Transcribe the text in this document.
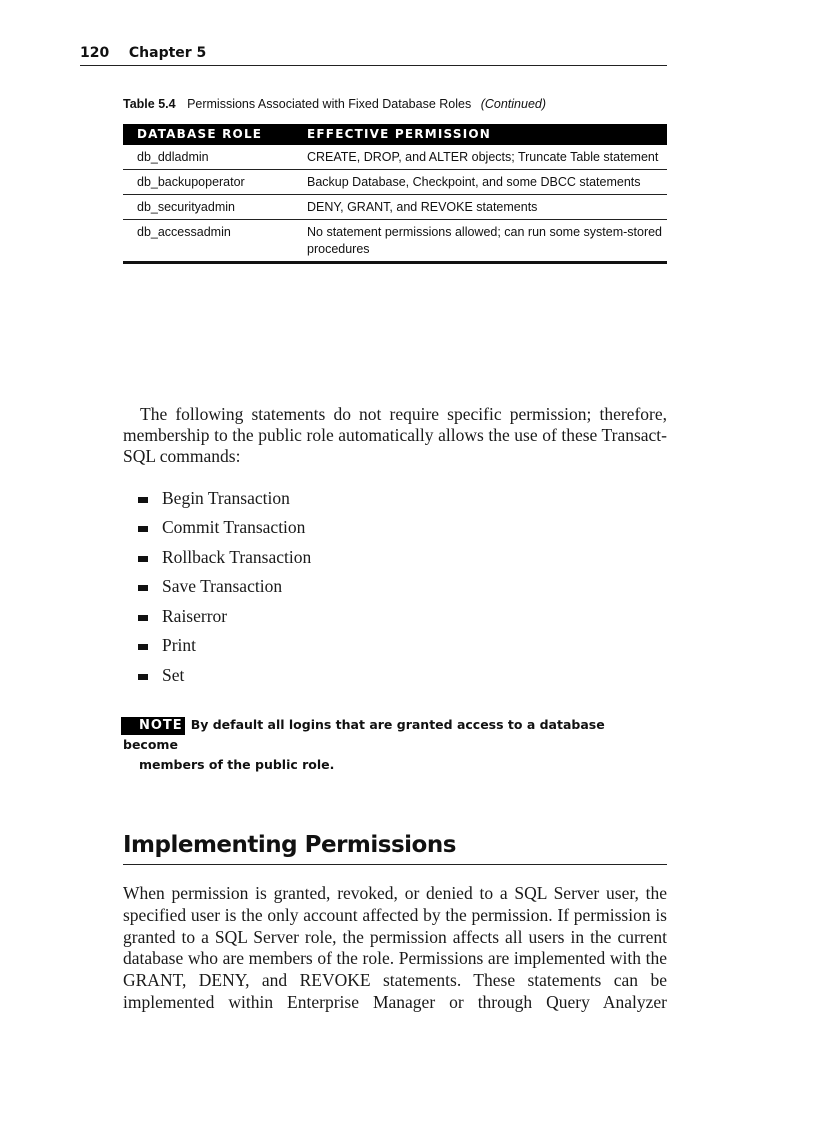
120 Chapter 5
Table 5.4 Permissions Associated with Fixed Database Roles (Continued)
DATABASE ROLE	EFFECTIVE PERMISSION
db_ddladmin	CREATE, DROP, and ALTER objects; Truncate Table statement
db_backupoperator	Backup Database, Checkpoint, and some DBCC statements
db_securityadmin	DENY, GRANT, and REVOKE statements
db_accessadmin	No statement permissions allowed; can run some system-stored procedures

The following statements do not require specific permission; therefore, membership to the public role automatically allows the use of these Transact-SQL commands:

Begin Transaction
Commit Transaction
Rollback Transaction
Save Transaction
Raiserror
Print
Set
NOTE By default all logins that are granted access to a database become
members of the public role.
Implementing Permissions

When permission is granted, revoked, or denied to a SQL Server user, the specified user is the only account affected by the permission. If permission is granted to a SQL Server role, the permission affects all users in the current database who are members of the role. Permissions are implemented with the GRANT, DENY, and REVOKE statements. These statements can be implemented within Enterprise Manager or through Query Analyzer
